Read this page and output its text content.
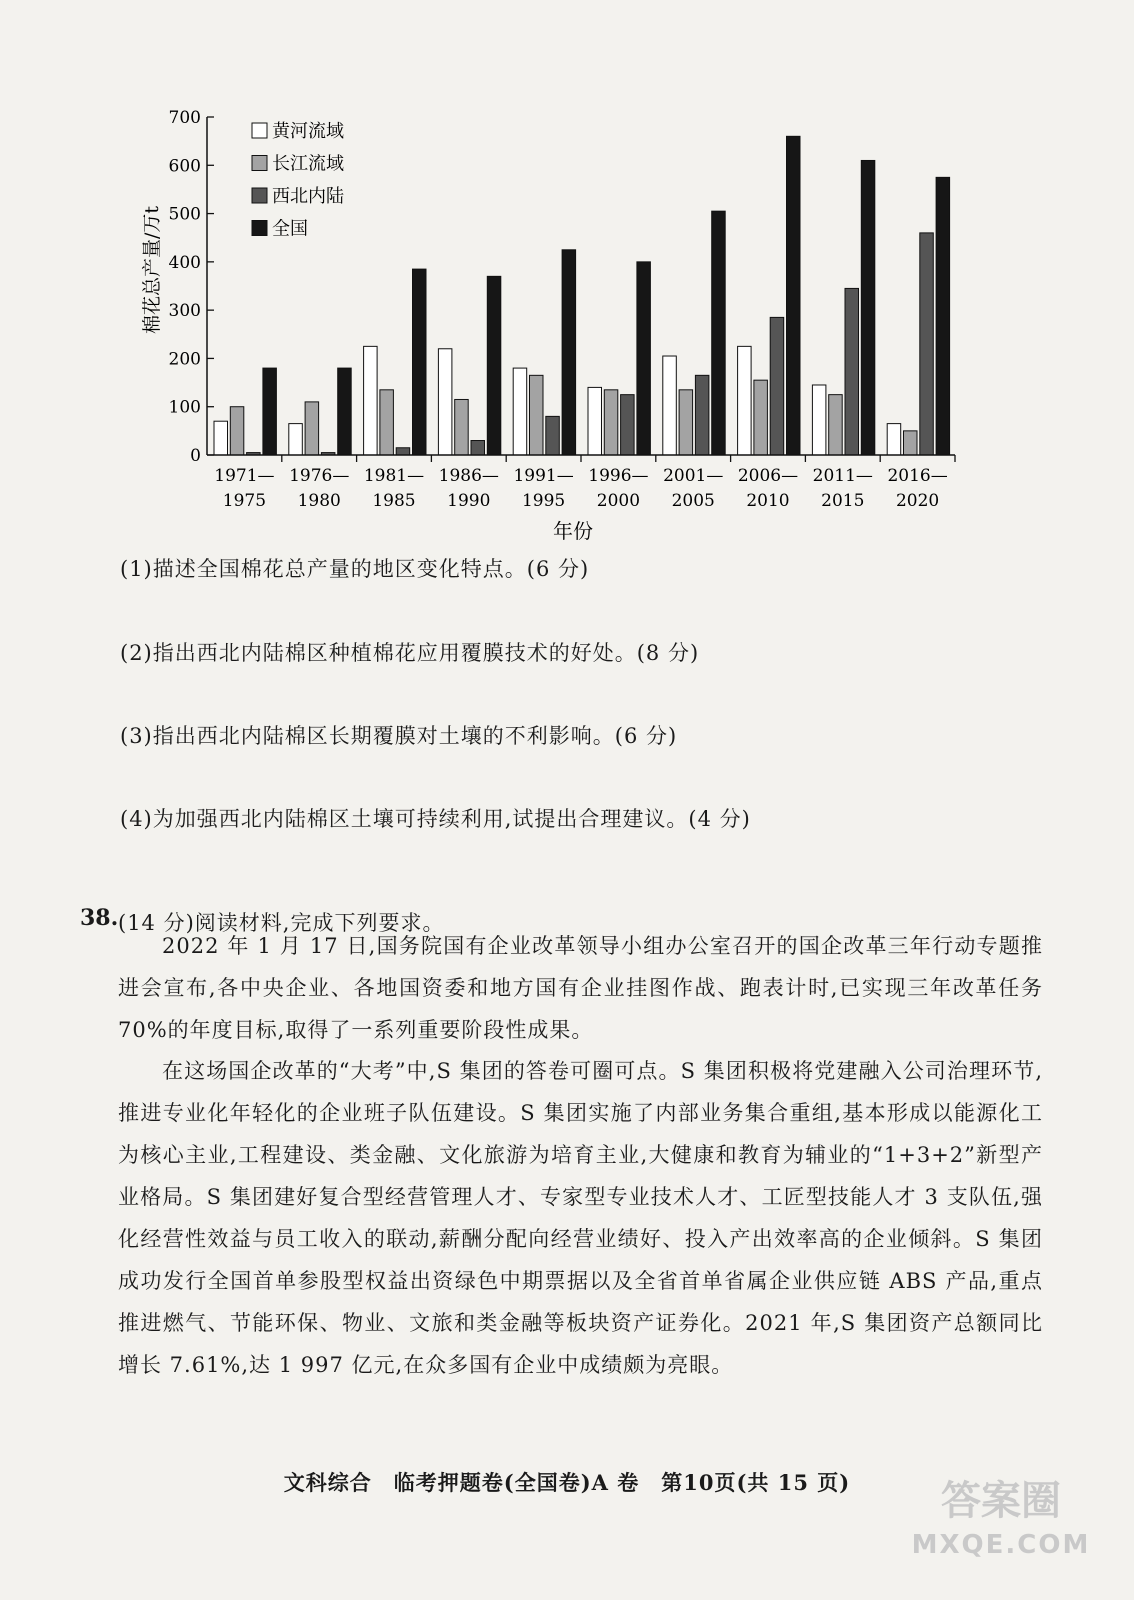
0
100
200
300
400
500
600
700
1971—
1975
1976—
1980
1981—
1985
1986—
1990
1991—
1995
1996—
2000
2001—
2005
2006—
2010
2011—
2015
2016—
2020
黄河流域
长江流域
西北内陆
全国
棉花总产量/万t
年份
(1)描述全国棉花总产量的地区变化特点。(6 分)
(2)指出西北内陆棉区种植棉花应用覆膜技术的好处。(8 分)
(3)指出西北内陆棉区长期覆膜对土壤的不利影响。(6 分)
(4)为加强西北内陆棉区土壤可持续利用,试提出合理建议。(4 分)
38. (14 分)阅读材料,完成下列要求。
2022 年 1 月 17 日,国务院国有企业改革领导小组办公室召开的国企改革三年行动专题推进会宣布,各中央企业、各地国资委和地方国有企业挂图作战、跑表计时,已实现三年改革任务 70%的年度目标,取得了一系列重要阶段性成果。
在这场国企改革的“大考”中,S 集团的答卷可圈可点。S 集团积极将党建融入公司治理环节,推进专业化年轻化的企业班子队伍建设。S 集团实施了内部业务集合重组,基本形成以能源化工为核心主业,工程建设、类金融、文化旅游为培育主业,大健康和教育为辅业的“1+3+2”新型产业格局。S 集团建好复合型经营管理人才、专家型专业技术人才、工匠型技能人才 3 支队伍,强化经营性效益与员工收入的联动,薪酬分配向经营业绩好、投入产出效率高的企业倾斜。S 集团成功发行全国首单参股型权益出资绿色中期票据以及全省首单省属企业供应链 ABS 产品,重点推进燃气、节能环保、物业、文旅和类金融等板块资产证券化。2021 年,S 集团资产总额同比增长 7.61%,达 1 997 亿元,在众多国有企业中成绩颇为亮眼。
文科综合　临考押题卷(全国卷)A 卷　第10页(共 15 页)	答案圈
MXQE.COM
